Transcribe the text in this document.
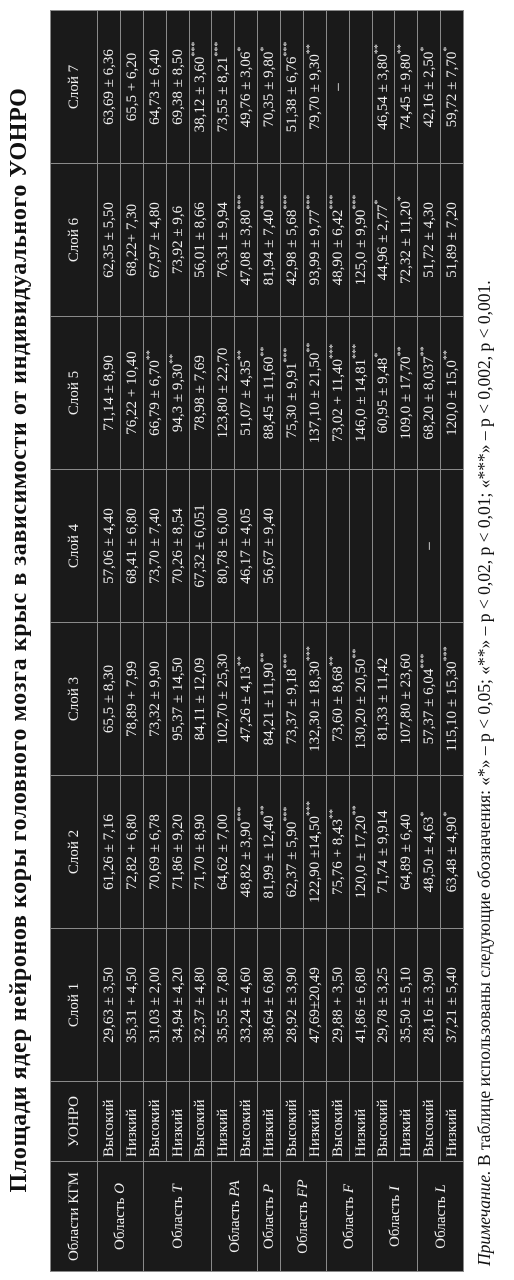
Площади ядер нейронов коры головного мозга крыс в зависимости от индивидуального УОНРО
Области КГМ	УОНРО	Слой 1	Слой 2	Слой 3	Слой 4	Слой 5	Слой 6	Слой 7
Область O	Высокий	29,63 ± 3,50	61,26 ± 7,16	65,5 ± 8,30	57,06 ± 4,40	71,14 ± 8,90	62,35 ± 5,50	63,69 ± 6,36
	Низкий	35,31 + 4,50	72,82 + 6,80	78,89 + 7,99	68,41 ± 6,80	76,22 + 10,40	68,22+ 7,30	65,5 + 6,20
Область T	Высокий	31,03 ± 2,00	70,69 ± 6,78	73,32 ± 9,90	73,70 ± 7,40	66,79 ± 6,70**	67,97 ± 4,80	64,73 ± 6,40
	Низкий	34,94 ± 4,20	71,86 ± 9,20	95,37 ± 14,50	70,26 ± 8,54	94,3 ± 9,30**	73,92 ± 9,6	69,38 ± 8,50
	Высокий	32,37 ± 4,80	71,70 ± 8,90	84,11 ± 12,09	67,32 ± 6,051	78,98 ± 7,69	56,01 ± 8,66	38,12 ± 3,60***
Область PA	Низкий	35,55 ± 7,80	64,62 ± 7,00	102,70 ± 25,30	80,78 ± 6,00	123,80 ± 22,70	76,31 ± 9,94	73,55 ± 8,21***
	Высокий	33,24 ± 4,60	48,82 ± 3,90***	47,26 ± 4,13**	46,17 ± 4,05	51,07 ± 4,35**	47,08 ± 3,80***	49,76 ± 3,06*
Область P	Низкий	38,64 ± 6,80	81,99 ± 12,40**	84,21 ± 11,90**	56,67 ± 9,40	88,45 ± 11,60**	81,94 ± 7,40***	70,35 ± 9,80*
Область FP	Высокий	28,92 ± 3,90	62,37 ± 5,90***	73,37 ± 9,18***		75,30 ± 9,91***	42,98 ± 5,68***	51,38 ± 6,76***
	Низкий	47,69±20,49	122,90 ±14,50***	132,30 ± 18,30***		137,10 ± 21,50**	93,99 ± 9,77***	79,70 ± 9,30**
Область F	Высокий	29,88 + 3,50	75,76 + 8,43**	73,60 ± 8,68**		73,02 + 11,40***	48,90 ± 6,42***	–
	Низкий	41,86 ± 6,80	120,0 ± 17,20**	130,20 ± 20,50**		146,0 ± 14,81***	125,0 ± 9,90***	
Область I	Высокий	29,78 ± 3,25	71,74 ± 9,914	81,33 ± 11,42		60,95 ± 9,48*	44,96 ± 2,77*	46,54 ± 3,80**
	Низкий	35,50 ± 5,10	64,89 ± 6,40	107,80 ± 23,60		109,0 ± 17,70**	72,32 ± 11,20*	74,45 ± 9,80**
Область L	Высокий	28,16 ± 3,90	48,50 ± 4,63*	57,37 ± 6,04***	–	68,20 ± 8,037**	51,72 ± 4,30	42,16 ± 2,50*
	Низкий	37,21 ± 5,40	63,48 ± 4,90*	115,10 ± 15,30***		120,0 ± 15,0**	51,89 ± 7,20	59,72 ± 7,70*
Примечание. В таблице использованы следующие обозначения: «*» – p < 0,05; «**» – p < 0,02, p < 0,01; «***» – p < 0,002, p < 0,001.
